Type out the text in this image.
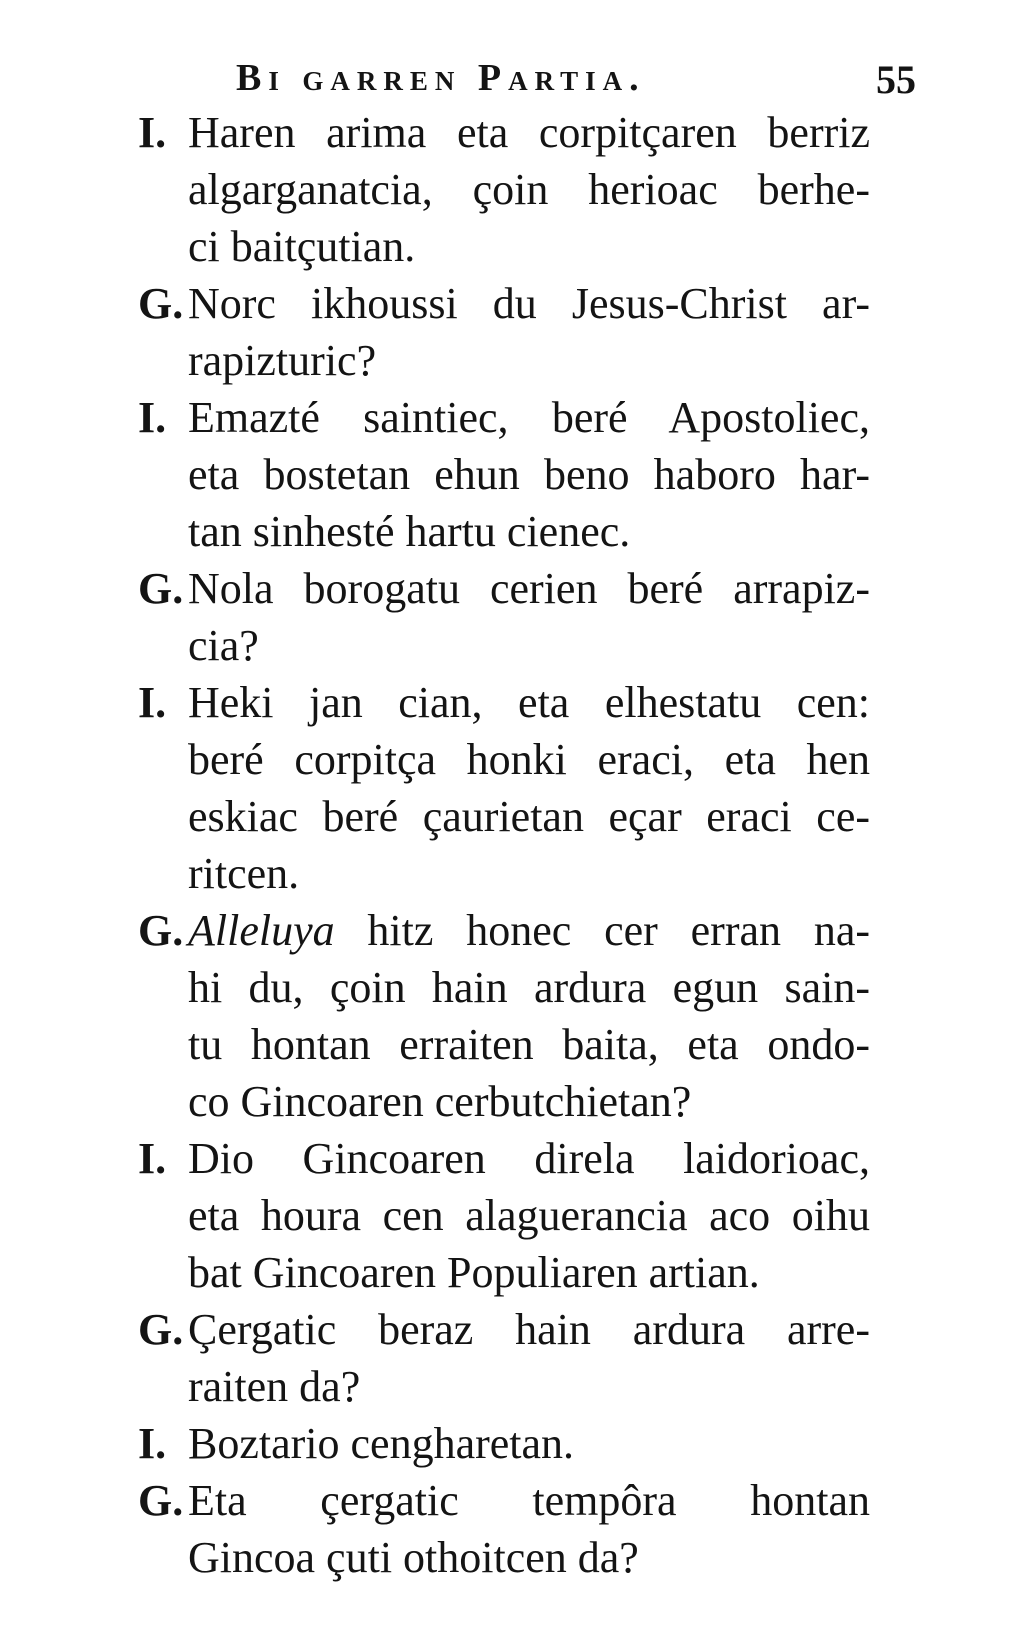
Bi garren Partia.	55
I. Haren arima eta corpitçaren berriz
algarganatcia, çoin herioac berhe-
ci baitçutian.
G. Norc ikhoussi du Jesus-Christ ar-
rapizturic?
I. Emazté saintiec, beré Apostoliec,
eta bostetan ehun beno haboro har-
tan sinhesté hartu cienec.
G. Nola borogatu cerien beré arrapiz-
cia?
I. Heki jan cian, eta elhestatu cen:
beré corpitça honki eraci, eta hen
eskiac beré çaurietan eçar eraci ce-
ritcen.
G. Alleluya hitz honec cer erran na-
hi du, çoin hain ardura egun sain-
tu hontan erraiten baita, eta ondo-
co Gincoaren cerbutchietan?
I. Dio Gincoaren direla laidorioac,
eta houra cen alaguerancia aco oihu
bat Gincoaren Populiaren artian.
G. Çergatic beraz hain ardura arre-
raiten da?
I. Boztario cengharetan.
G. Eta çergatic tempôra hontan
Gincoa çuti othoitcen da?
